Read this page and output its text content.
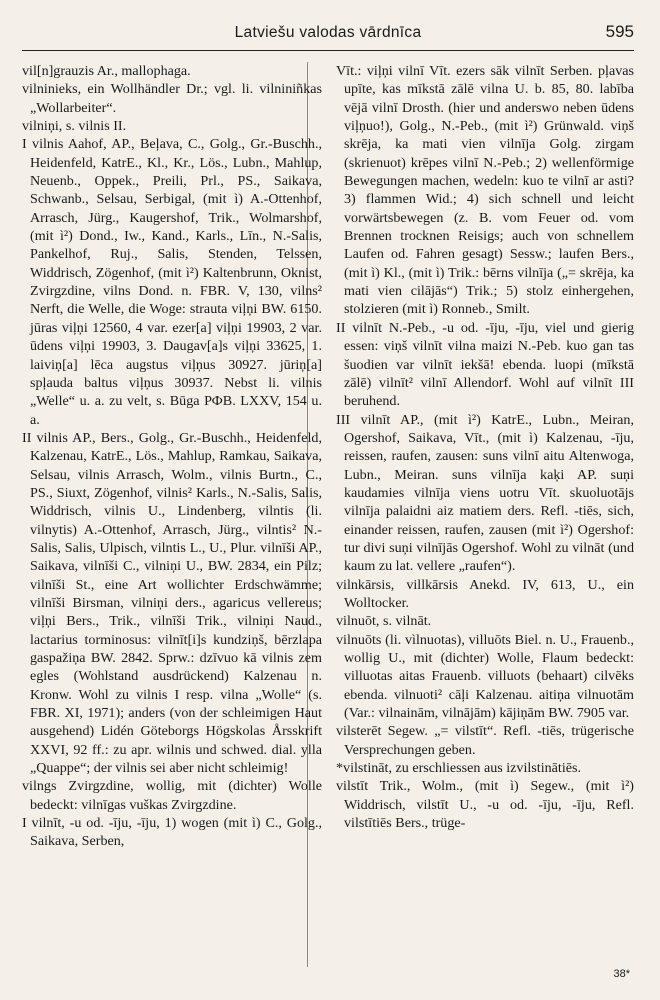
Latviešu valodas vārdnīca	595

vil[n]grauzis Ar., mallophaga.

vilninieks, ein Wollhändler Dr.; vgl. li. vilniniñkas „Wollarbeiter“.

vilniņi, s. vilnis II.

I vilnis Aahof, AP., Beļava, C., Golg., Gr.-Buschh., Heidenfeld, KatrE., Kl., Kr., Lös., Lubn., Mahlup, Neuenb., Oppek., Preili, Prl., PS., Saikava, Schwanb., Selsau, Serbigal, (mit ì) A.-Ottenhof, Arrasch, Jürg., Kaugershof, Trik., Wolmarshof, (mit ì²) Dond., Iw., Kand., Karls., Līn., N.-Salis, Pankelhof, Ruj., Salis, Stenden, Telssen, Widdrisch, Zögenhof, (mit ì²) Kaltenbrunn, Oknist, Zvirgzdine, vilns Dond. n. FBR. V, 130, vilns² Nerft, die Welle, die Woge: strauta viļņi BW. 6150. jūras viļņi 12560, 4 var. ezer[a] viļņi 19903, 2 var. ūdens viļņi 19903, 3. Daugav[a]s viļņi 33625, 1. laiviņ[a] lēca augstus viļņus 30927. jūriņ[a] spļauda baltus viļņus 30937. Nebst li. vilnis „Welle“ u. a. zu velt, s. Būga РФВ. LXXV, 154 u. a.

II vilnis AP., Bers., Golg., Gr.-Buschh., Heidenfeld, Kalzenau, KatrE., Lös., Mahlup, Ramkau, Saikava, Selsau, vilnis Arrasch, Wolm., vilnis Burtn., C., PS., Siuxt, Zögenhof, vilnis² Karls., N.-Salis, Salis, Widdrisch, vilnis U., Lindenberg, vilntis (li. vilnytis) A.-Ottenhof, Arrasch, Jürg., vilntis² N.-Salis, Salis, Ulpisch, vilntis L., U., Plur. vilnīši AP., Saikava, vilnīši C., vilniņi U., BW. 2834, ein Pilz; vilnīši St., eine Art wollichter Erdschwämme; vilnīši Birsman, vilniņi ders., agaricus vellereus; viļņi Bers., Trik., vilnīši Trik., vilniņi Naud., lactarius torminosus: vilnīt[i]s kundziņš, bērzlapa gaspažiņa BW. 2842. Sprw.: dzīvuo kā vilnis zem egles (Wohlstand ausdrückend) Kalzenau n. Kronw. Wohl zu vilnis I resp. vilna „Wolle“ (s. FBR. XI, 1971); anders (von der schleimigen Haut ausgehend) Lidén Göteborgs Högskolas Årsskrift XXVI, 92 ff.: zu apr. wilnis und schwed. dial. ylla „Quappe“; der vilnis sei aber nicht schleimig!

vilngs Zvirgzdine, wollig, mit (dichter) Wolle bedeckt: vilnīgas vuškas Zvirgzdine.

I vilnīt, -u od. -īju, -īju, 1) wogen (mit ì) C., Golg., Saikava, Serben,

Vīt.: viļņi vilnī Vīt. ezers sāk vilnīt Serben. pļavas upīte, kas mīkstā zālē vilna U. b. 85, 80. labība vējā vilnī Drosth. (hier und anderswo neben ūdens viļņuo!), Golg., N.-Peb., (mit ì²) Grünwald. viņš skrēja, ka mati vien vilnīja Golg. zirgam (skrienuot) krēpes vilnī N.-Peb.; 2) wellenförmige Bewegungen machen, wedeln: kuo te vilnī ar asti? 3) flammen Wid.; 4) sich schnell und leicht vorwärtsbewegen (z. B. vom Feuer od. vom Brennen trocknen Reisigs; auch von schnellem Laufen od. Fahren gesagt) Sessw.; laufen Bers., (mit ì) Kl., (mit ì) Trik.: bērns vilnīja („= skrēja, ka mati vien cilājās“) Trik.; 5) stolz einhergehen, stolzieren (mit ì) Ronneb., Smilt.

II vilnīt N.-Peb., -u od. -īju, -īju, viel und gierig essen: viņš vilnīt vilna maizi N.-Peb. kuo gan tas šuodien var vilnīt iekšā! ebenda. luopi (mīkstā zālē) vilnīt² vilnī Allendorf. Wohl auf vilnīt III beruhend.

III vilnīt AP., (mit ì²) KatrE., Lubn., Meiran, Ogershof, Saikava, Vīt., (mit ì) Kalzenau, -īju, reissen, raufen, zausen: suns vilnī aitu Altenwoga, Lubn., Meiran. suns vilnīja kaķi AP. suņi kaudamies vilnīja viens uotru Vīt. skuoluotājs vilnīja palaidni aiz matiem ders. Refl. -tiēs, sich, einander reissen, raufen, zausen (mit ì²) Ogershof: tur divi suņi vilnījās Ogershof. Wohl zu vilnāt (und kaum zu lat. vellere „raufen“).

vilnkārsis, villkārsis Anekd. IV, 613, U., ein Wolltocker.

vilnuōt, s. vilnāt.

vilnuōts (li. vìlnuotas), villuōts Biel. n. U., Frauenb., wollig U., mit (dichter) Wolle, Flaum bedeckt: villuotas aitas Frauenb. villuots (behaart) cilvēks ebenda. vilnuoti² cāļi Kalzenau. aitiņa vilnuotām (Var.: vilnainām, vilnājām) kājiņām BW. 7905 var.

vilsterēt Segew. „= vilstīt“. Refl. -tiēs, trügerische Versprechungen geben.

*vilstināt, zu erschliessen aus izvilstinātiēs.

vilstīt Trik., Wolm., (mit ì) Segew., (mit ì²) Widdrisch, vilstīt U., -u od. -īju, -īju, Refl. vilstītiēs Bers., trüge-

38*
